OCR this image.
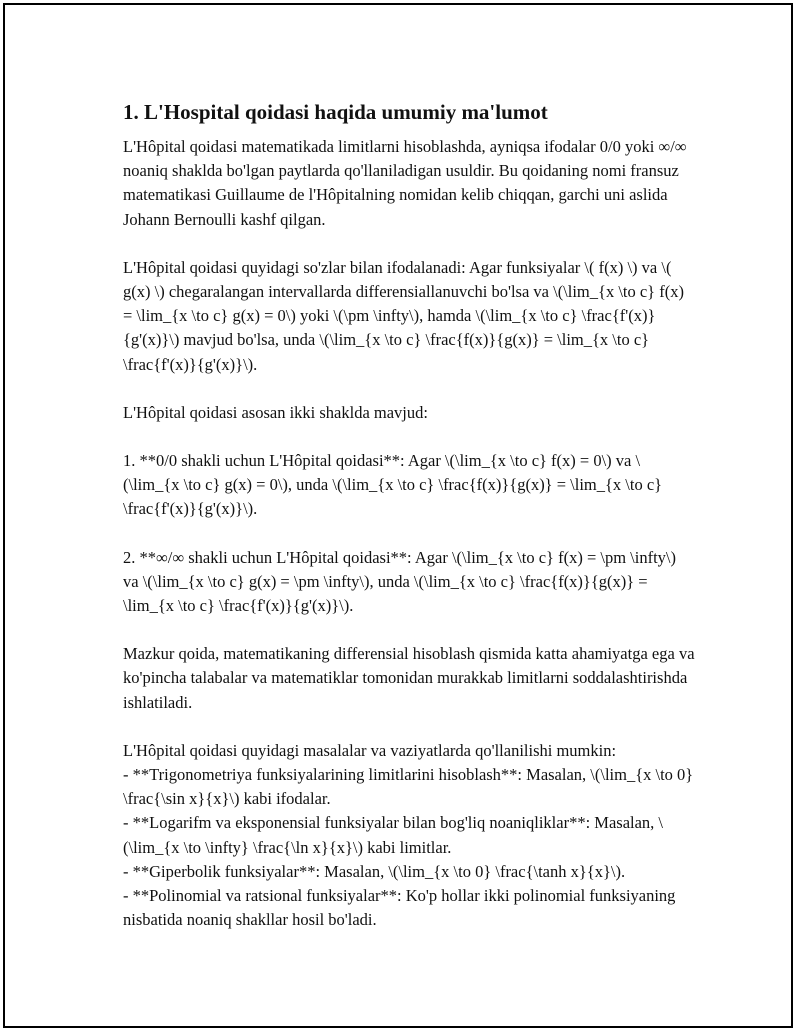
1. L'Hospital qoidasi haqida umumiy ma'lumot

L'Hôpital qoidasi matematikada limitlarni hisoblashda, ayniqsa ifodalar 0/0 yoki ∞/∞ noaniq shaklda bo'lgan paytlarda qo'llaniladigan usuldir. Bu qoidaning nomi fransuz matematikasi Guillaume de l'Hôpitalning nomidan kelib chiqqan, garchi uni aslida Johann Bernoulli kashf qilgan.

L'Hôpital qoidasi quyidagi so'zlar bilan ifodalanadi: Agar funksiyalar \( f(x) \) va \( g(x) \) chegaralangan intervallarda differensiallanuvchi bo'lsa va \(\lim_{x \to c} f(x) = \lim_{x \to c} g(x) = 0\) yoki \(\pm \infty\), hamda \(\lim_{x \to c} \frac{f'(x)}{g'(x)}\) mavjud bo'lsa, unda \(\lim_{x \to c} \frac{f(x)}{g(x)} = \lim_{x \to c} \frac{f'(x)}{g'(x)}\).

L'Hôpital qoidasi asosan ikki shaklda mavjud:

1. **0/0 shakli uchun L'Hôpital qoidasi**: Agar \(\lim_{x \to c} f(x) = 0\) va \(\lim_{x \to c} g(x) = 0\), unda \(\lim_{x \to c} \frac{f(x)}{g(x)} = \lim_{x \to c} \frac{f'(x)}{g'(x)}\).

2. **∞/∞ shakli uchun L'Hôpital qoidasi**: Agar \(\lim_{x \to c} f(x) = \pm \infty\) va \(\lim_{x \to c} g(x) = \pm \infty\), unda \(\lim_{x \to c} \frac{f(x)}{g(x)} = \lim_{x \to c} \frac{f'(x)}{g'(x)}\).

Mazkur qoida, matematikaning differensial hisoblash qismida katta ahamiyatga ega va ko'pincha talabalar va matematiklar tomonidan murakkab limitlarni soddalashtirishda ishlatiladi.

L'Hôpital qoidasi quyidagi masalalar va vaziyatlarda qo'llanilishi mumkin:

- **Trigonometriya funksiyalarining limitlarini hisoblash**: Masalan, \(\lim_{x \to 0} \frac{\sin x}{x}\) kabi ifodalar.

- **Logarifm va eksponensial funksiyalar bilan bog'liq noaniqliklar**: Masalan, \(\lim_{x \to \infty} \frac{\ln x}{x}\) kabi limitlar.

- **Giperbolik funksiyalar**: Masalan, \(\lim_{x \to 0} \frac{\tanh x}{x}\).

- **Polinomial va ratsional funksiyalar**: Ko'p hollar ikki polinomial funksiyaning nisbatida noaniq shakllar hosil bo'ladi.
